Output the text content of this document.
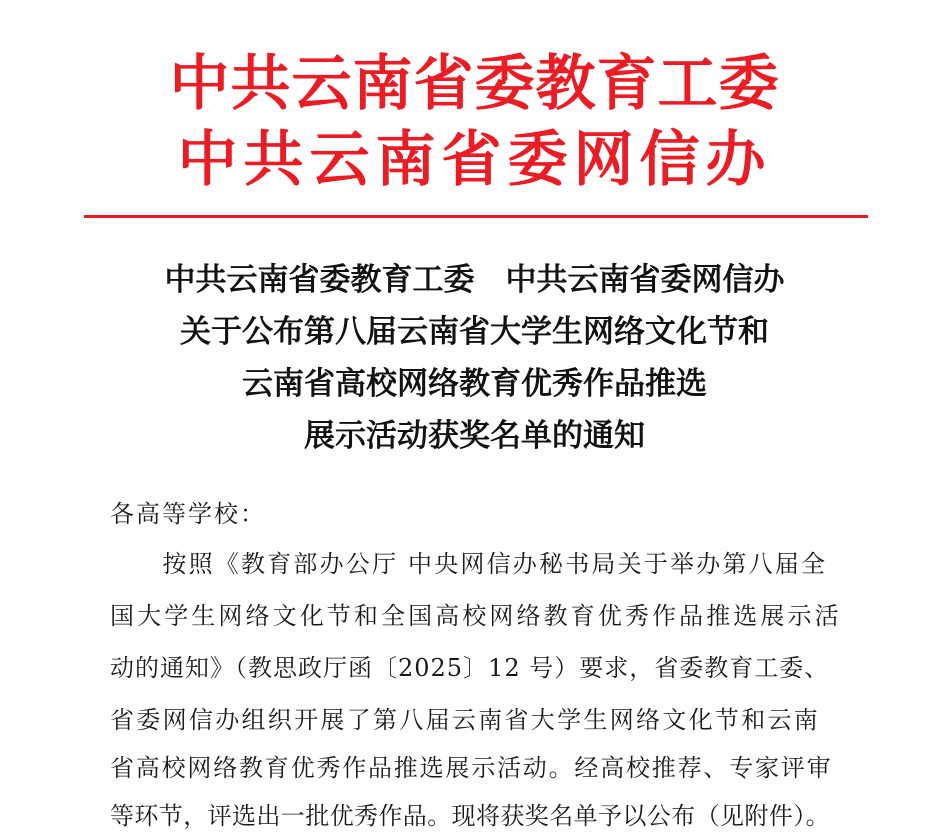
中共云南省委教育工委
中共云南省委网信办
中共云南省委教育工委　中共云南省委网信办
关于公布第八届云南省大学生网络文化节和
云南省高校网络教育优秀作品推选
展示活动获奖名单的通知
各高等学校：
　　按照《教育部办公厅 中央网信办秘书局关于举办第八届全
国大学生网络文化节和全国高校网络教育优秀作品推选展示活
动的通知》（教思政厅函〔2025〕12 号）要求，省委教育工委、
省委网信办组织开展了第八届云南省大学生网络文化节和云南
省高校网络教育优秀作品推选展示活动。经高校推荐、专家评审
等环节，评选出一批优秀作品。现将获奖名单予以公布（见附件）。
